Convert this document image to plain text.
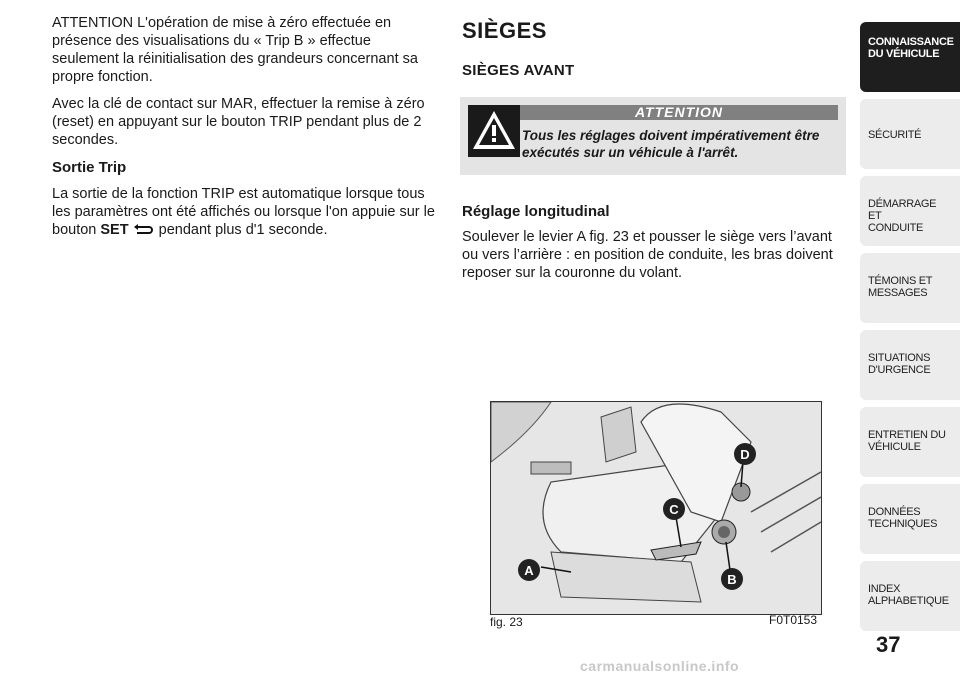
ATTENTION L'opération de mise à zéro effectuée en présence des visualisations du « Trip B » effectue seulement la réinitialisation des grandeurs concernant sa propre fonction.

Avec la clé de contact sur MAR, effectuer la remise à zéro (reset) en appuyant sur le bouton TRIP pendant plus de 2 secondes.

Sortie Trip

La sortie de la fonction TRIP est automatique lorsque tous les paramètres ont été affichés ou lorsque l'on appuie sur le bouton SET pendant plus d'1 seconde.

SIÈGES
SIÈGES AVANT
ATTENTION
Tous les réglages doivent impérativement être exécutés sur un véhicule à l'arrêt.
Réglage longitudinal

Soulever le levier A fig. 23 et pousser le siège vers l’avant ou vers l’arrière : en position de conduite, les bras doivent reposer sur la couronne du volant.

A
B
C
D
fig. 23	F0T0153
CONNAISSANCE
DU VÉHICULE
SÉCURITÉ
DÉMARRAGE ET
CONDUITE
TÉMOINS ET
MESSAGES
SITUATIONS
D'URGENCE
ENTRETIEN DU
VÉHICULE
DONNÉES
TECHNIQUES
INDEX
ALPHABETIQUE
37
carmanualsonline.info
